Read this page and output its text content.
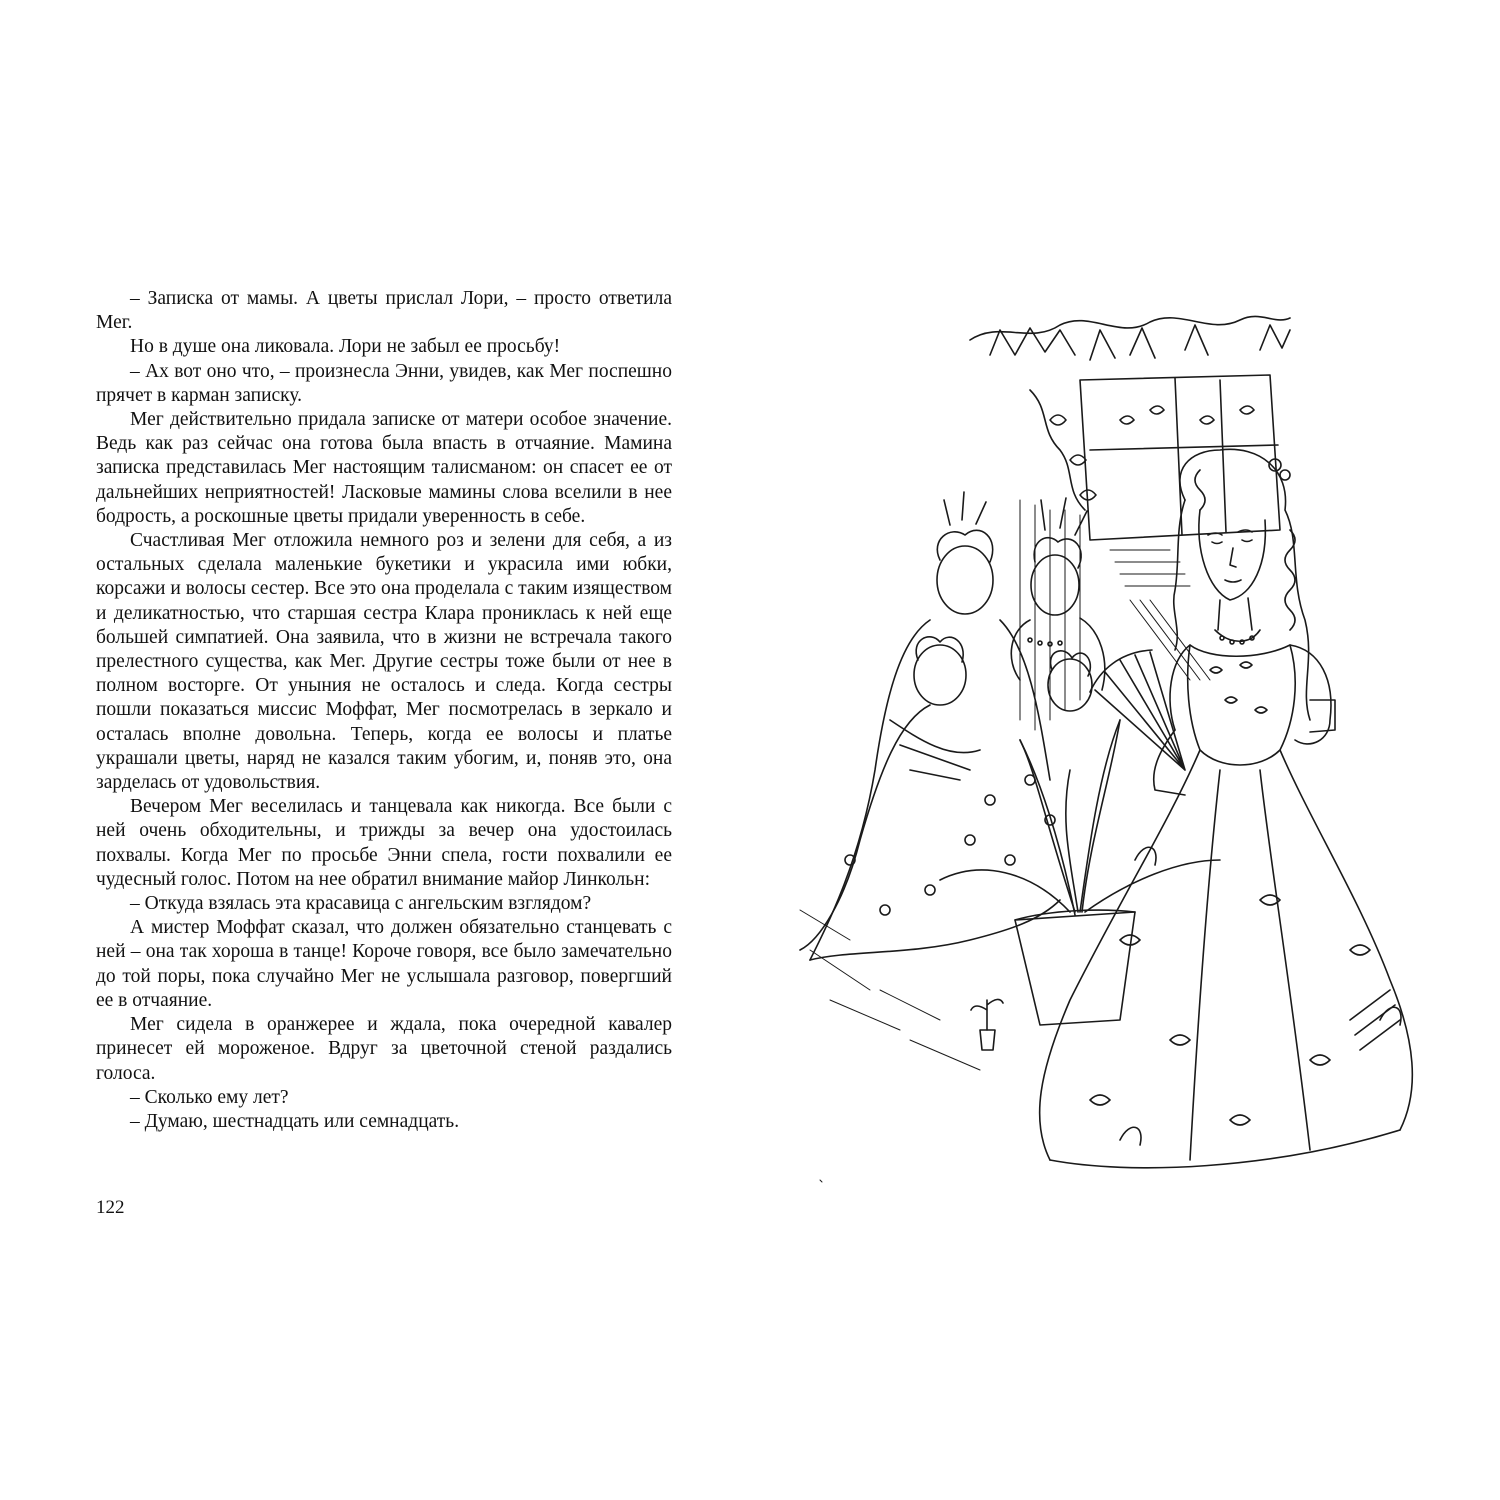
– Записка от мамы. А цветы прислал Лори, – просто ответила Мег.

Но в душе она ликовала. Лори не забыл ее просьбу!

– Ах вот оно что, – произнесла Энни, увидев, как Мег поспешно прячет в карман записку.

Мег действительно придала записке от матери особое значение. Ведь как раз сейчас она готова была впасть в отчаяние. Мамина записка представилась Мег настоящим талисманом: он спасет ее от дальнейших неприятностей! Ласковые мамины слова вселили в нее бодрость, а роскошные цветы придали уверенность в себе.

Счастливая Мег отложила немного роз и зелени для себя, а из остальных сделала маленькие букетики и украсила ими юбки, корсажи и волосы сестер. Все это она проделала с таким изяществом и деликатностью, что старшая сестра Клара прониклась к ней еще большей симпатией. Она заявила, что в жизни не встречала такого прелестного существа, как Мег. Другие сестры тоже были от нее в полном восторге. От уныния не осталось и следа. Когда сестры пошли показаться миссис Моффат, Мег посмотрелась в зеркало и осталась вполне довольна. Теперь, когда ее волосы и платье украшали цветы, наряд не казался таким убогим, и, поняв это, она зарделась от удовольствия.

Вечером Мег веселилась и танцевала как никогда. Все были с ней очень обходительны, и трижды за вечер она удостоилась похвалы. Когда Мег по просьбе Энни спела, гости похвалили ее чудесный голос. Потом на нее обратил внимание майор Линкольн:

– Откуда взялась эта красавица с ангельским взглядом?

А мистер Моффат сказал, что должен обязательно станцевать с ней – она так хороша в танце! Короче говоря, все было замечательно до той поры, пока случайно Мег не услышала разговор, повергший ее в отчаяние.

Мег сидела в оранжерее и ждала, пока очередной кавалер принесет ей мороженое. Вдруг за цветочной стеной раздались голоса.

– Сколько ему лет?

– Думаю, шестнадцать или семнадцать.

122
